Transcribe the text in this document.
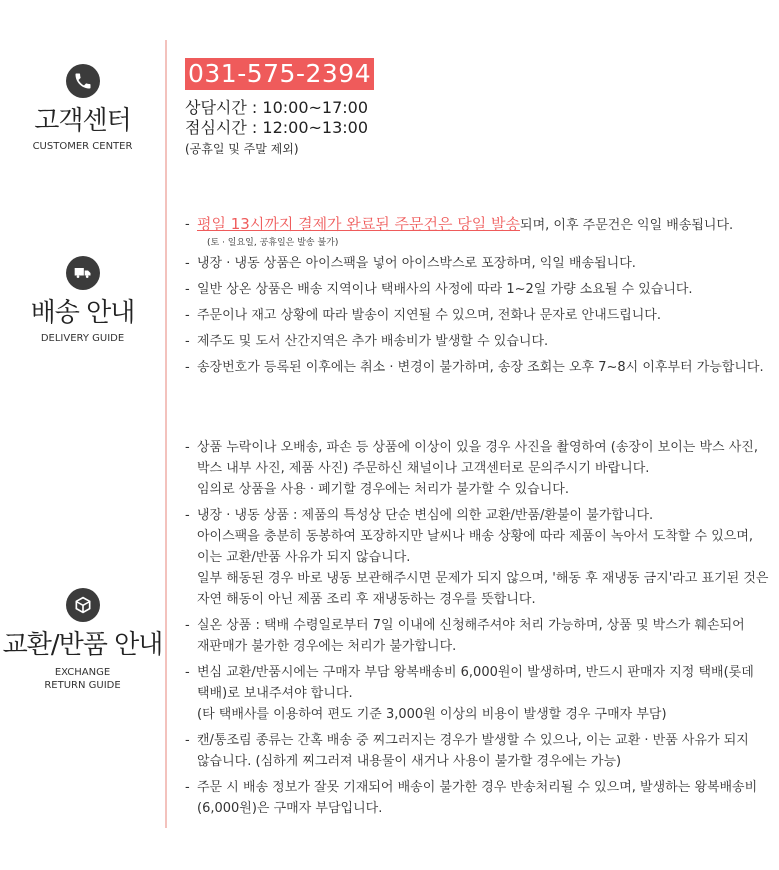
고객센터
CUSTOMER CENTER
031-575-2394
상담시간 : 10:00~17:00
점심시간 : 12:00~13:00
(공휴일 및 주말 제외)
배송 안내
DELIVERY GUIDE
- 평일 13시까지 결제가 완료된 주문건은 당일 발송되며, 이후 주문건은 익일 배송됩니다.
(토 · 일요일, 공휴일은 발송 불가)
- 냉장 · 냉동 상품은 아이스팩을 넣어 아이스박스로 포장하며, 익일 배송됩니다.
- 일반 상온 상품은 배송 지역이나 택배사의 사정에 따라 1~2일 가량 소요될 수 있습니다.
- 주문이나 재고 상황에 따라 발송이 지연될 수 있으며, 전화나 문자로 안내드립니다.
- 제주도 및 도서 산간지역은 추가 배송비가 발생할 수 있습니다.
- 송장번호가 등록된 이후에는 취소 · 변경이 불가하며, 송장 조회는 오후 7~8시 이후부터 가능합니다.
교환/반품 안내
EXCHANGE
RETURN GUIDE
- 상품 누락이나 오배송, 파손 등 상품에 이상이 있을 경우 사진을 촬영하여 (송장이 보이는 박스 사진,
박스 내부 사진, 제품 사진) 주문하신 채널이나 고객센터로 문의주시기 바랍니다.
임의로 상품을 사용 · 폐기할 경우에는 처리가 불가할 수 있습니다.
- 냉장 · 냉동 상품 : 제품의 특성상 단순 변심에 의한 교환/반품/환불이 불가합니다.
아이스팩을 충분히 동봉하여 포장하지만 날씨나 배송 상황에 따라 제품이 녹아서 도착할 수 있으며,
이는 교환/반품 사유가 되지 않습니다.
일부 해동된 경우 바로 냉동 보관해주시면 문제가 되지 않으며, '해동 후 재냉동 금지'라고 표기된 것은
자연 해동이 아닌 제품 조리 후 재냉동하는 경우를 뜻합니다.
- 실온 상품 : 택배 수령일로부터 7일 이내에 신청해주셔야 처리 가능하며, 상품 및 박스가 훼손되어
재판매가 불가한 경우에는 처리가 불가합니다.
- 변심 교환/반품시에는 구매자 부담 왕복배송비 6,000원이 발생하며, 반드시 판매자 지정 택배(롯데
택배)로 보내주셔야 합니다.
(타 택배사를 이용하여 편도 기준 3,000원 이상의 비용이 발생할 경우 구매자 부담)
- 캔/통조림 종류는 간혹 배송 중 찌그러지는 경우가 발생할 수 있으나, 이는 교환 · 반품 사유가 되지
않습니다. (심하게 찌그러져 내용물이 새거나 사용이 불가할 경우에는 가능)
- 주문 시 배송 정보가 잘못 기재되어 배송이 불가한 경우 반송처리될 수 있으며, 발생하는 왕복배송비
(6,000원)은 구매자 부담입니다.
